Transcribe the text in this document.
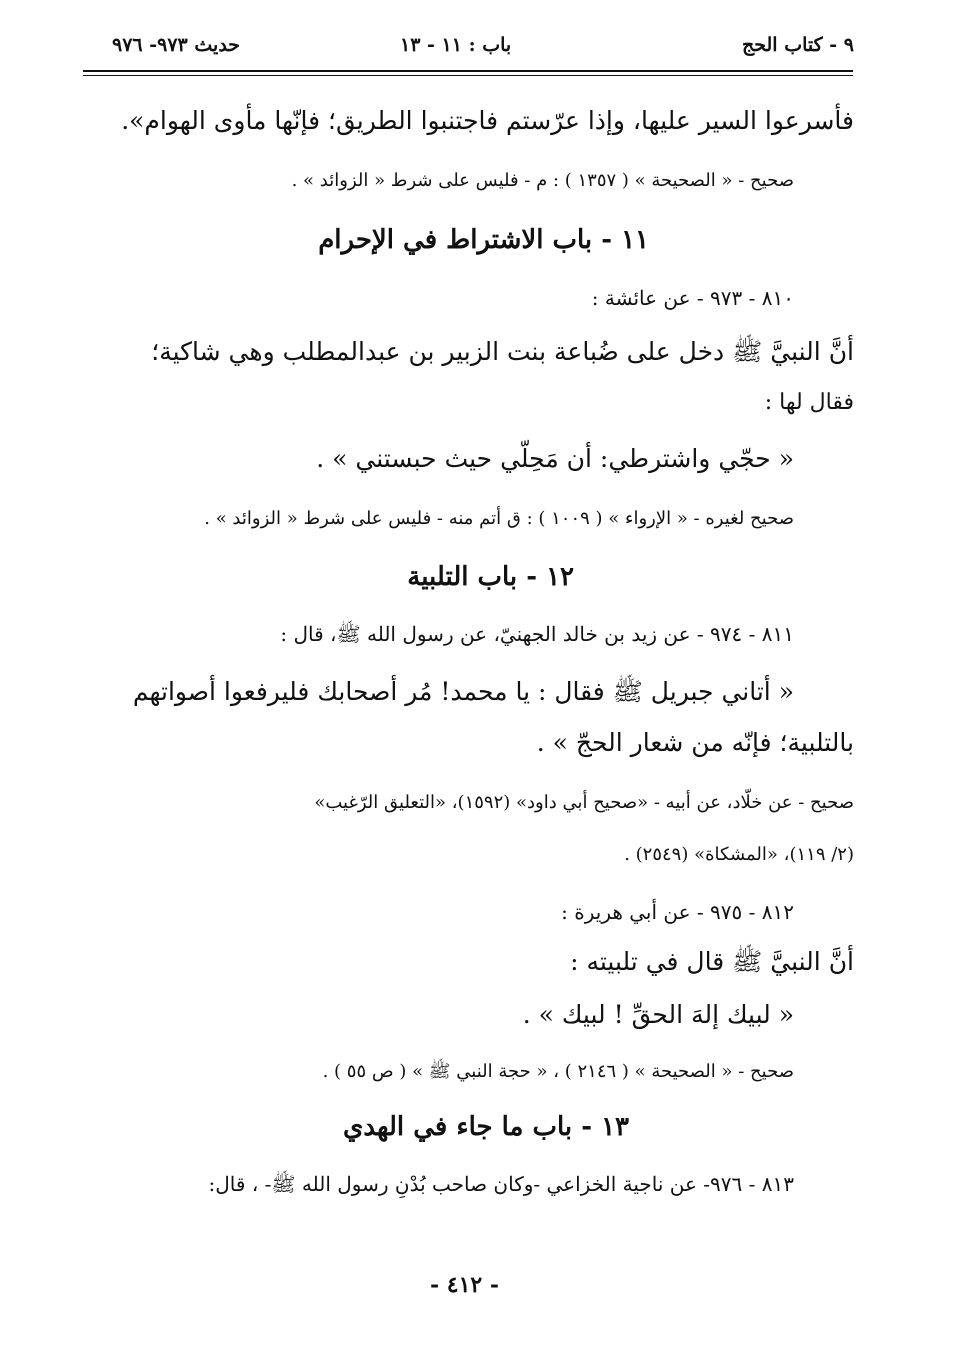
٩ - كتاب الحج
باب : ١١ - ١٣
حديث ٩٧٣- ٩٧٦
فأسرعوا السير عليها، وإذا عرّستم فاجتنبوا الطريق؛ فإنّها مأوى الهوام».
صحيح - « الصحيحة » ( ١٣٥٧ ) : م - فليس على شرط « الزوائد » .
١١ - باب الاشتراط في الإحرام
٨١٠ - ٩٧٣ - عن عائشة :
أنَّ النبيَّ ﷺ دخل على ضُباعة بنت الزبير بن عبدالمطلب وهي شاكية؛
فقال لها :
« حجّي واشترطي: أن مَحِلّي حيث حبستني » .
صحيح لغيره - « الإرواء » ( ١٠٠٩ ) : ق أتم منه - فليس على شرط « الزوائد » .
١٢ - باب التلبية
٨١١ - ٩٧٤ - عن زيد بن خالد الجهنيّ، عن رسول الله ﷺ، قال :
« أتاني جبريل ﷺ فقال : يا محمد! مُر أصحابك فليرفعوا أصواتهم
بالتلبية؛ فإنّه من شعار الحجّ » .
صحيح - عن خلّاد، عن أبيه - «صحيح أبي داود» (١٥٩٢)، «التعليق الرّغيب»
(٢/ ١١٩)، «المشكاة» (٢٥٤٩) .
٨١٢ - ٩٧٥ - عن أبي هريرة :
أنَّ النبيَّ ﷺ قال في تلبيته :
« لبيك إلهَ الحقِّ ! لبيك » .
صحيح - « الصحيحة » ( ٢١٤٦ ) ، « حجة النبي ﷺ » ( ص ٥٥ ) .
١٣ - باب ما جاء في الهدي
٨١٣ - ٩٧٦- عن ناجية الخزاعي -وكان صاحب بُدْنِ رسول الله ﷺ- ، قال:
- ٤١٢ -
